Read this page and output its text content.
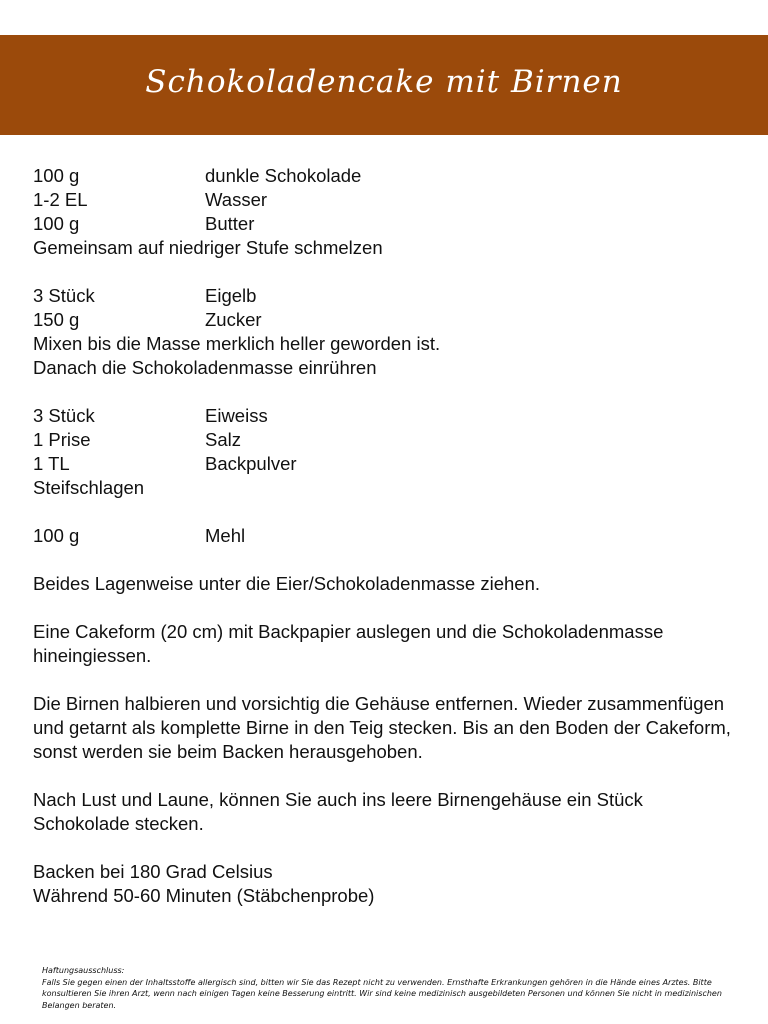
Schokoladencake mit Birnen
100 g	dunkle Schokolade
1-2 EL	Wasser
100 g	Butter
Gemeinsam auf niedriger Stufe schmelzen
3 Stück	Eigelb
150 g	Zucker
Mixen bis die Masse merklich heller geworden ist.
Danach die Schokoladenmasse einrühren
3 Stück	Eiweiss
1 Prise	Salz
1 TL	Backpulver
Steifschlagen
100 g	Mehl
Beides Lagenweise unter die Eier/Schokoladenmasse ziehen.
Eine Cakeform (20 cm) mit Backpapier auslegen und die Schokoladenmasse hineingiessen.
Die Birnen halbieren und vorsichtig die Gehäuse entfernen. Wieder zusammenfügen und getarnt als komplette Birne in den Teig stecken. Bis an den Boden der Cakeform, sonst werden sie beim Backen herausgehoben.
Nach Lust und Laune, können Sie auch ins leere Birnengehäuse ein Stück Schokolade stecken.
Backen bei 180 Grad Celsius
Während 50-60 Minuten (Stäbchenprobe)
Haftungsausschluss:
Falls Sie gegen einen der Inhaltsstoffe allergisch sind, bitten wir Sie das Rezept nicht zu verwenden. Ernsthafte Erkrankungen gehören in die Hände eines Arztes. Bitte konsultieren Sie ihren Arzt, wenn nach einigen Tagen keine Besserung eintritt. Wir sind keine medizinisch ausgebildeten Personen und können Sie nicht in medizinischen Belangen beraten.
